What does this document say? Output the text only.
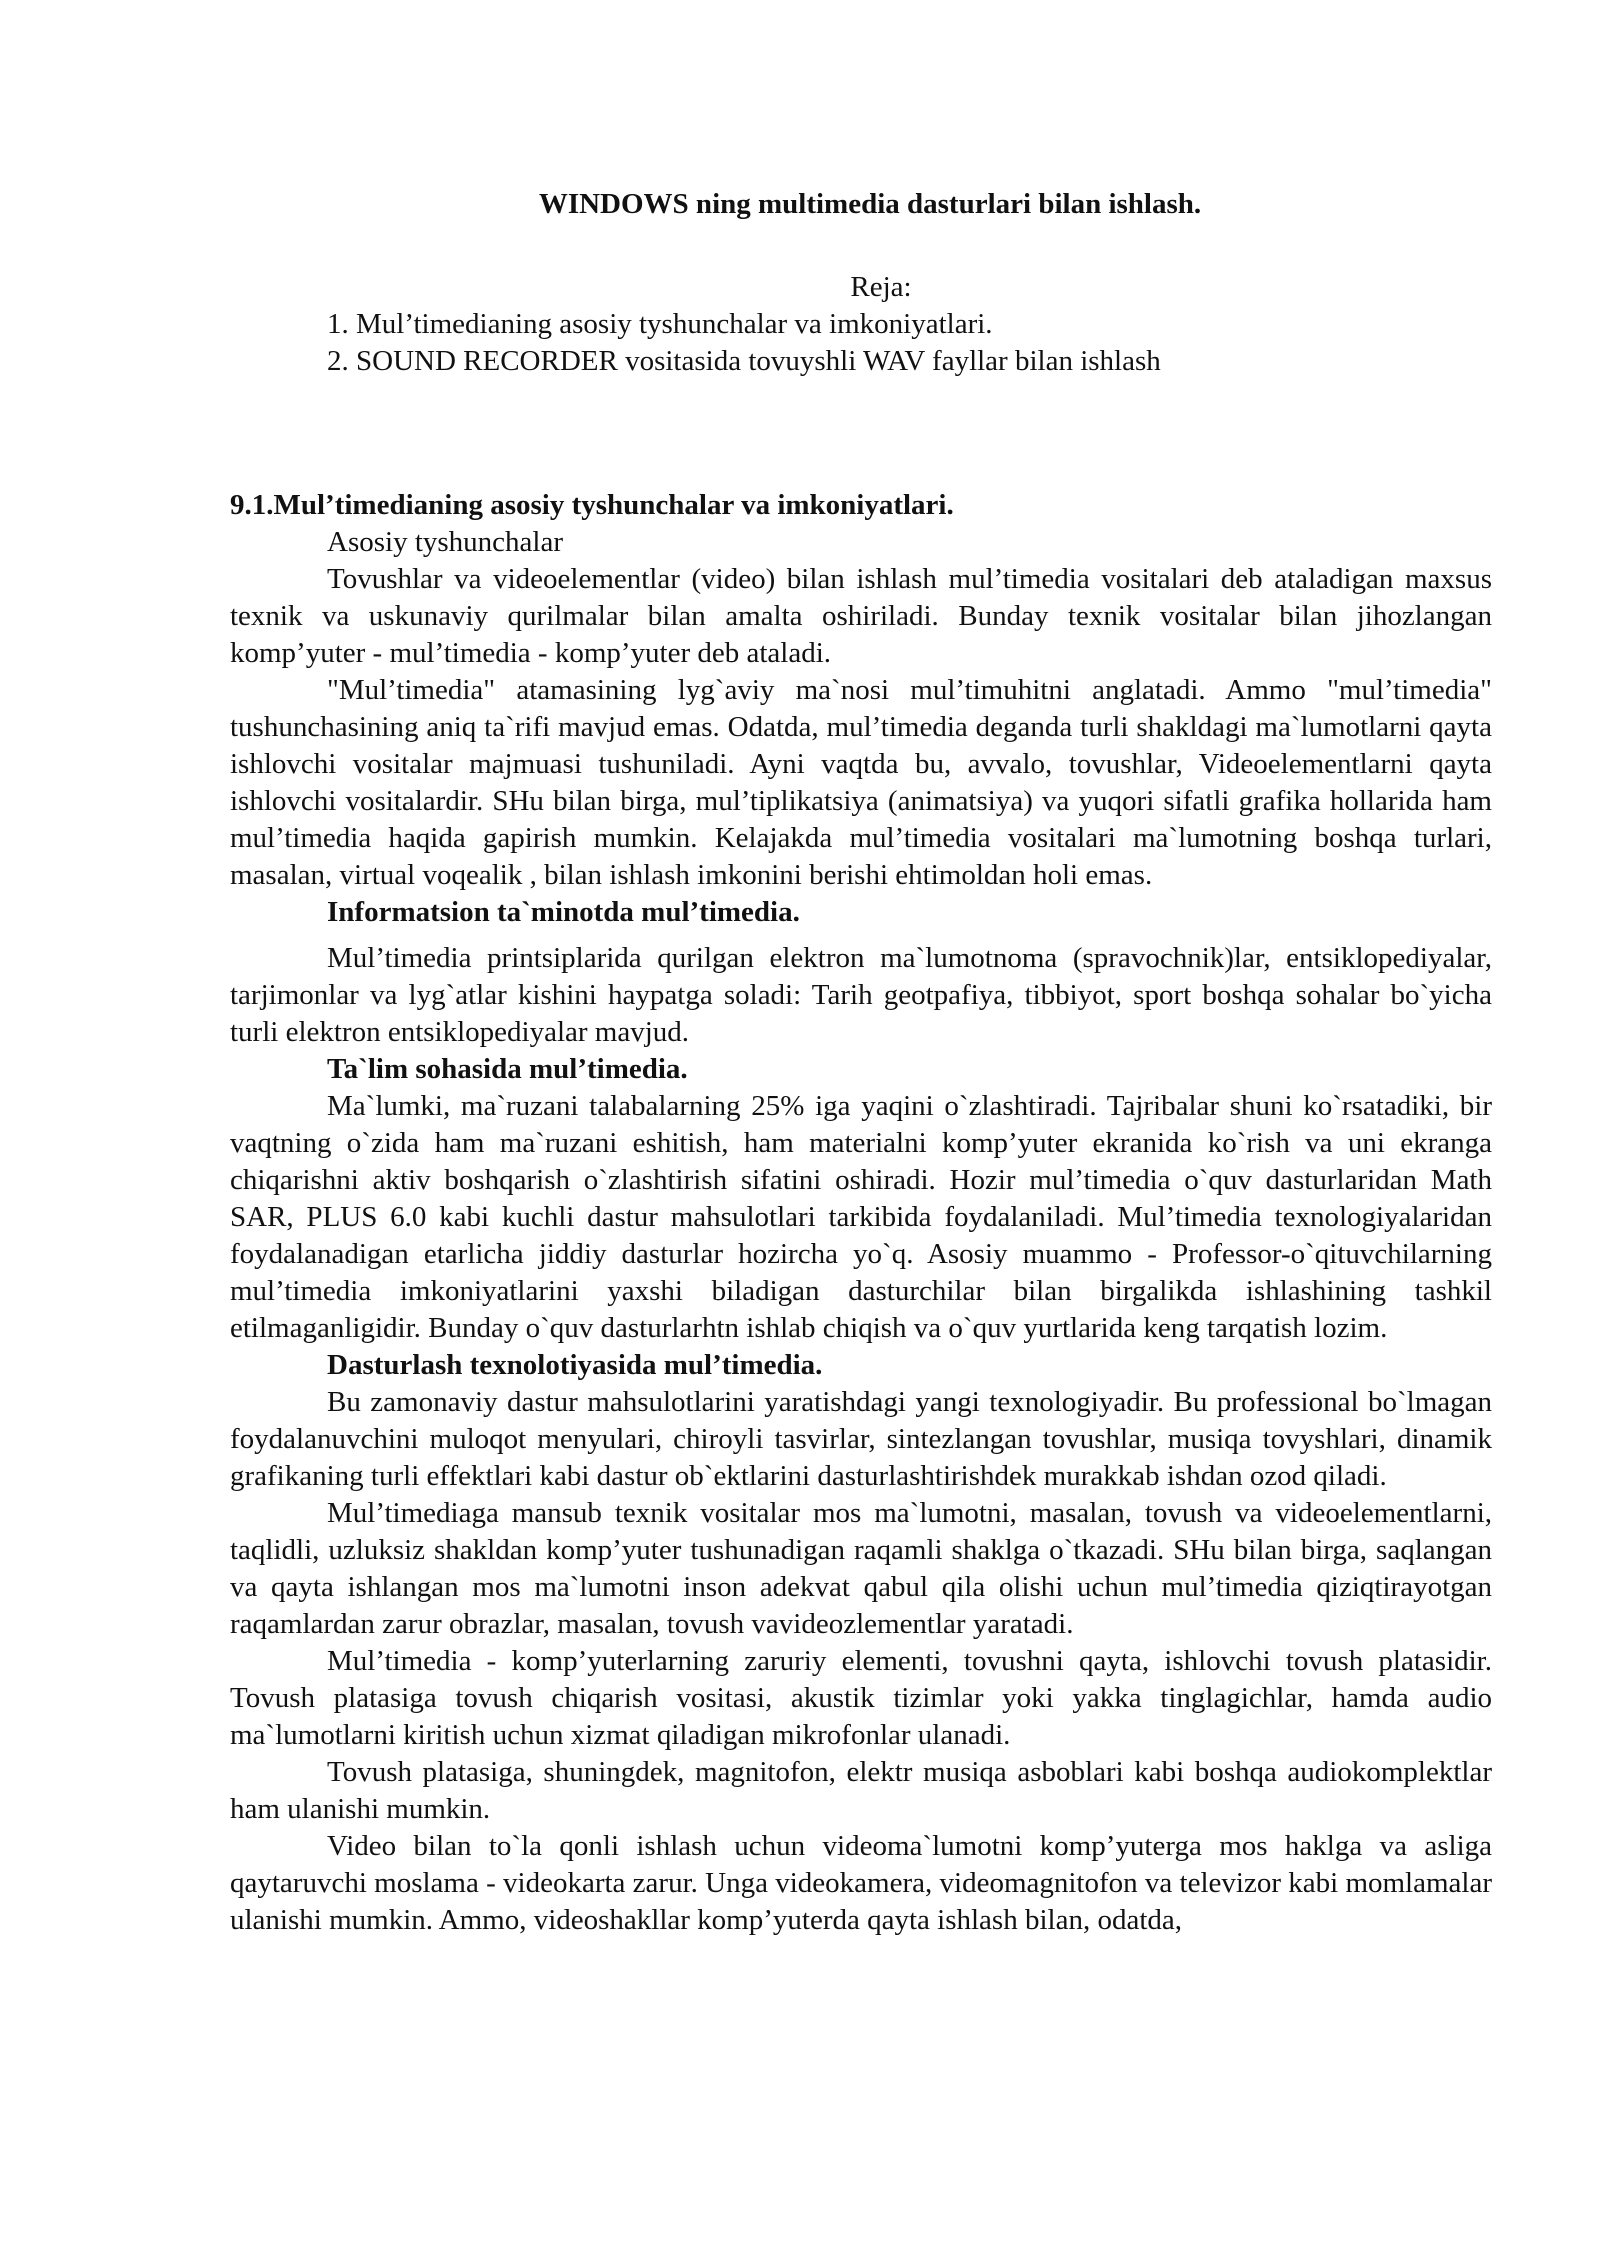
WINDOWS ning multimedia dasturlari bilan ishlash.
Reja:
1. Mul’timedianing asosiy tyshunchalar va imkoniyatlari.
2. SOUND RECORDER vositasida tovuyshli WAV fayllar bilan ishlash
9.1.Mul’timedianing asosiy tyshunchalar va imkoniyatlari.
Asosiy tyshunchalar

Tovushlar va videoelementlar (video) bilan ishlash mul’timedia vositalari deb ataladigan maxsus texnik va uskunaviy qurilmalar bilan amalta oshiriladi. Bunday texnik vositalar bilan jihozlangan komp’yuter - mul’timedia - komp’yuter deb ataladi.

"Mul’timedia" atamasining lyg`aviy ma`nosi mul’timuhitni anglatadi. Ammo "mul’timedia" tushunchasining aniq ta`rifi mavjud emas. Odatda, mul’timedia deganda turli shakldagi ma`lumotlarni qayta ishlovchi vositalar majmuasi tushuniladi. Ayni vaqtda bu, avvalo, tovushlar, Videoelementlarni qayta ishlovchi vositalardir. SHu bilan birga, mul’tiplikatsiya (animatsiya) va yuqori sifatli grafika hollarida ham mul’timedia haqida gapirish mumkin. Kelajakda mul’timedia vositalari ma`lumotning boshqa turlari, masalan, virtual voqealik , bilan ishlash imkonini berishi ehtimoldan holi emas.

Informatsion ta`minotda mul’timedia.

Mul’timedia printsiplarida qurilgan elektron ma`lumotnoma (spravochnik)lar, entsiklopediyalar, tarjimonlar va lyg`atlar kishini haypatga soladi: Tarih geotpafiya, tibbiyot, sport boshqa sohalar bo`yicha turli elektron entsiklopediyalar mavjud.

Ta`lim sohasida mul’timedia.

Ma`lumki, ma`ruzani talabalarning 25% iga yaqini o`zlashtiradi. Tajribalar shuni ko`rsatadiki, bir vaqtning o`zida ham ma`ruzani eshitish, ham materialni komp’yuter ekranida ko`rish va uni ekranga chiqarishni aktiv boshqarish o`zlashtirish sifatini oshiradi. Hozir mul’timedia o`quv dasturlaridan Math SAR, PLUS 6.0 kabi kuchli dastur mahsulotlari tarkibida foydalaniladi. Mul’timedia texnologiyalaridan foydalanadigan etarlicha jiddiy dasturlar hozircha yo`q. Asosiy muammo - Professor-o`qituvchilarning mul’timedia imkoniyatlarini yaxshi biladigan dasturchilar bilan birgalikda ishlashining tashkil etilmaganligidir. Bunday o`quv dasturlarhtn ishlab chiqish va o`quv yurtlarida keng tarqatish lozim.

Dasturlash texnolotiyasida mul’timedia.

Bu zamonaviy dastur mahsulotlarini yaratishdagi yangi texnologiyadir. Bu professional bo`lmagan foydalanuvchini muloqot menyulari, chiroyli tasvirlar, sintezlangan tovushlar, musiqa tovyshlari, dinamik grafikaning turli effektlari kabi dastur ob`ektlarini dasturlashtirishdek murakkab ishdan ozod qiladi.

Mul’timediaga mansub texnik vositalar mos ma`lumotni, masalan, tovush va videoelementlarni, taqlidli, uzluksiz shakldan komp’yuter tushunadigan raqamli shaklga o`tkazadi. SHu bilan birga, saqlangan va qayta ishlangan mos ma`lumotni inson adekvat qabul qila olishi uchun mul’timedia qiziqtirayotgan raqamlardan zarur obrazlar, masalan, tovush vavideozlementlar yaratadi.

Mul’timedia - komp’yuterlarning zaruriy elementi, tovushni qayta, ishlovchi tovush platasidir. Tovush platasiga tovush chiqarish vositasi, akustik tizimlar yoki yakka tinglagichlar, hamda audio ma`lumotlarni kiritish uchun xizmat qiladigan mikrofonlar ulanadi.

Tovush platasiga, shuningdek, magnitofon, elektr musiqa asboblari kabi boshqa audiokomplektlar ham ulanishi mumkin.

Video bilan to`la qonli ishlash uchun videoma`lumotni komp’yuterga mos haklga va asliga qaytaruvchi moslama - videokarta zarur. Unga videokamera, videomagnitofon va televizor kabi momlamalar ulanishi mumkin. Ammo, videoshakllar komp’yuterda qayta ishlash bilan, odatda,
